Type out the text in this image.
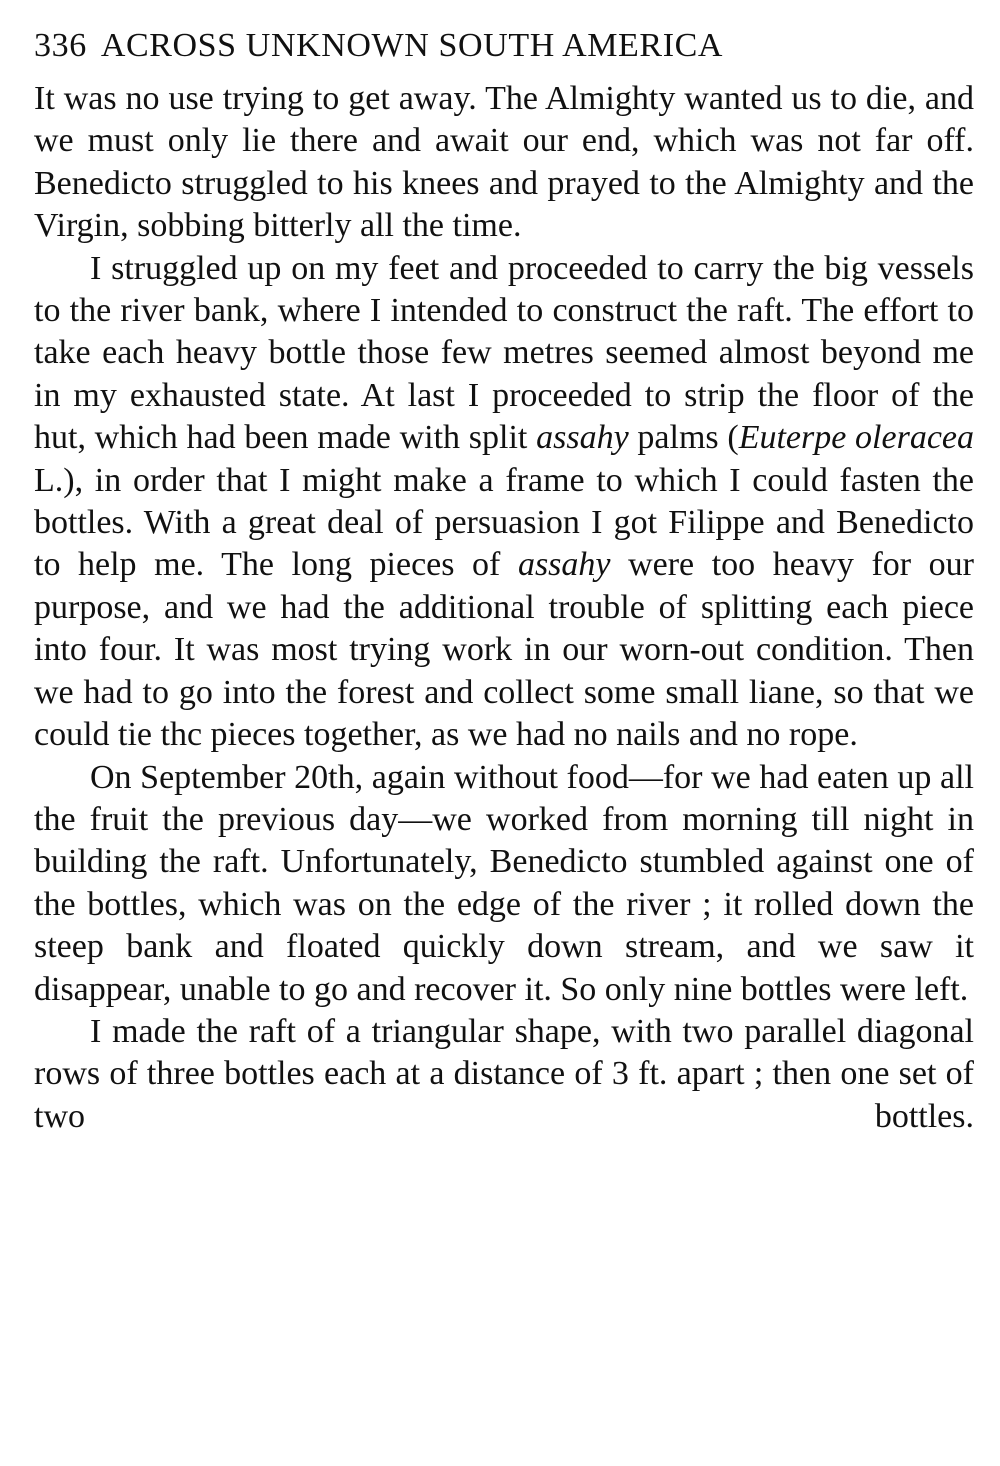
336 ACROSS UNKNOWN SOUTH AMERICA

It was no use trying to get away. The Almighty wanted us to die, and we must only lie there and await our end, which was not far off. Benedicto struggled to his knees and prayed to the Almighty and the Virgin, sobbing bitterly all the time.

I struggled up on my feet and proceeded to carry the big vessels to the river bank, where I intended to construct the raft. The effort to take each heavy bottle those few metres seemed almost beyond me in my exhausted state. At last I proceeded to strip the floor of the hut, which had been made with split assahy palms (Euterpe oleracea L.), in order that I might make a frame to which I could fasten the bottles. With a great deal of persuasion I got Filippe and Benedicto to help me. The long pieces of assahy were too heavy for our purpose, and we had the additional trouble of splitting each piece into four. It was most trying work in our worn-out condition. Then we had to go into the forest and collect some small liane, so that we could tie thc pieces together, as we had no nails and no rope.

On September 20th, again without food—for we had eaten up all the fruit the previous day—we worked from morning till night in building the raft. Unfortunately, Benedicto stumbled against one of the bottles, which was on the edge of the river ; it rolled down the steep bank and floated quickly down stream, and we saw it disappear, unable to go and recover it. So only nine bottles were left.

I made the raft of a triangular shape, with two parallel diagonal rows of three bottles each at a distance of 3 ft. apart ; then one set of two bottles.
